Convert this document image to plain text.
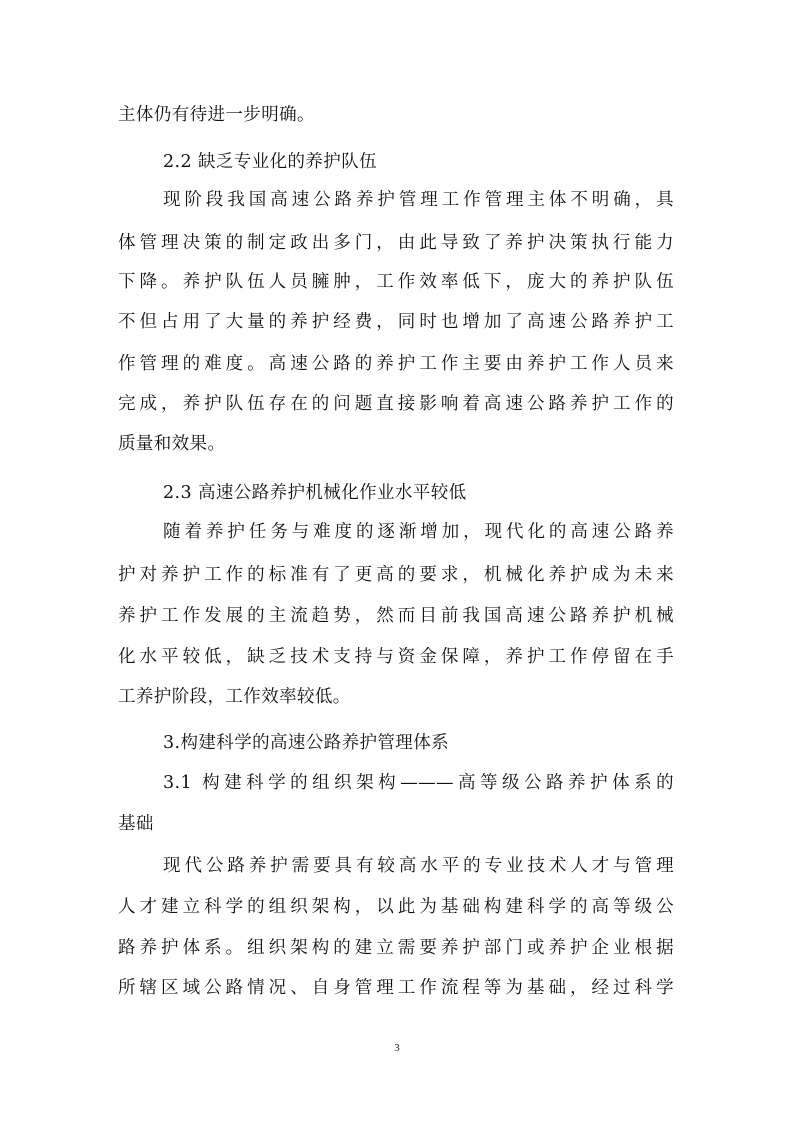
主体仍有待进一步明确。
2.2 缺乏专业化的养护队伍
现阶段我国高速公路养护管理工作管理主体不明确，具
体管理决策的制定政出多门，由此导致了养护决策执行能力
下降。养护队伍人员臃肿，工作效率低下，庞大的养护队伍
不但占用了大量的养护经费，同时也增加了高速公路养护工
作管理的难度。高速公路的养护工作主要由养护工作人员来
完成，养护队伍存在的问题直接影响着高速公路养护工作的
质量和效果。
2.3 高速公路养护机械化作业水平较低
随着养护任务与难度的逐渐增加，现代化的高速公路养
护对养护工作的标准有了更高的要求，机械化养护成为未来
养护工作发展的主流趋势，然而目前我国高速公路养护机械
化水平较低，缺乏技术支持与资金保障，养护工作停留在手
工养护阶段，工作效率较低。
3.构建科学的高速公路养护管理体系
3.1 构建科学的组织架构———高等级公路养护体系的
基础
现代公路养护需要具有较高水平的专业技术人才与管理
人才建立科学的组织架构，以此为基础构建科学的高等级公
路养护体系。组织架构的建立需要养护部门或养护企业根据
所辖区域公路情况、自身管理工作流程等为基础，经过科学
3
